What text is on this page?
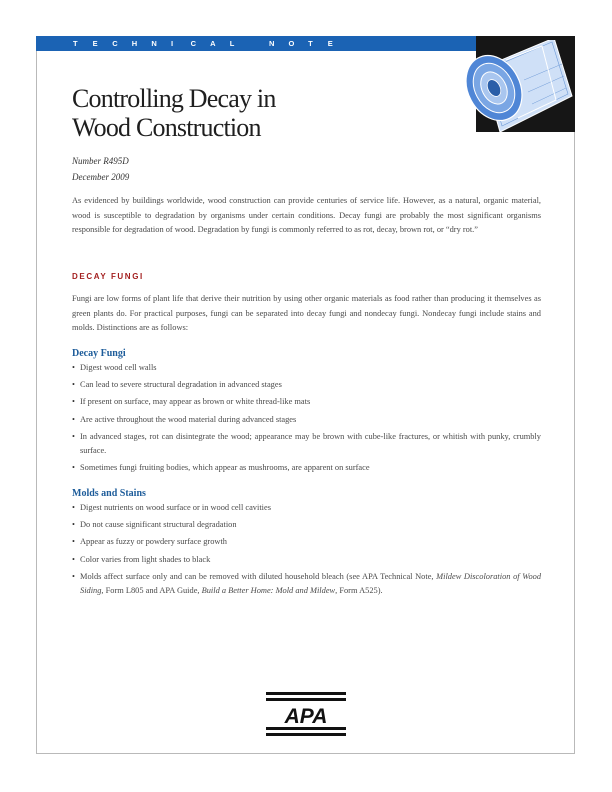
T E C H N I C A L	N O T E
Controlling Decay in
Wood Construction
Number R495D
December 2009

As evidenced by buildings worldwide, wood construction can provide centuries of service life. However, as a natural, organic material, wood is susceptible to degradation by organisms under certain conditions. Decay fungi are probably the most significant organisms responsible for degradation of wood. Degradation by fungi is commonly referred to as rot, decay, brown rot, or “dry rot.”

DECAY FUNGI

Fungi are low forms of plant life that derive their nutrition by using other organic materials as food rather than producing it themselves as green plants do. For practical purposes, fungi can be separated into decay fungi and nondecay fungi. Nondecay fungi include stains and molds. Distinctions are as follows:

Decay Fungi
• Digest wood cell walls
• Can lead to severe structural degradation in advanced stages
• If present on surface, may appear as brown or white thread-like mats
• Are active throughout the wood material during advanced stages
• In advanced stages, rot can disintegrate the wood; appearance may be brown with cube-like fractures, or whitish with punky, crumbly surface.
• Sometimes fungi fruiting bodies, which appear as mushrooms, are apparent on surface
Molds and Stains
• Digest nutrients on wood surface or in wood cell cavities
• Do not cause significant structural degradation
• Appear as fuzzy or powdery surface growth
• Color varies from light shades to black
• Molds affect surface only and can be removed with diluted household bleach (see APA Technical Note, Mildew Discoloration of Wood Siding, Form L805 and APA Guide, Build a Better Home: Mold and Mildew, Form A525).
APA
